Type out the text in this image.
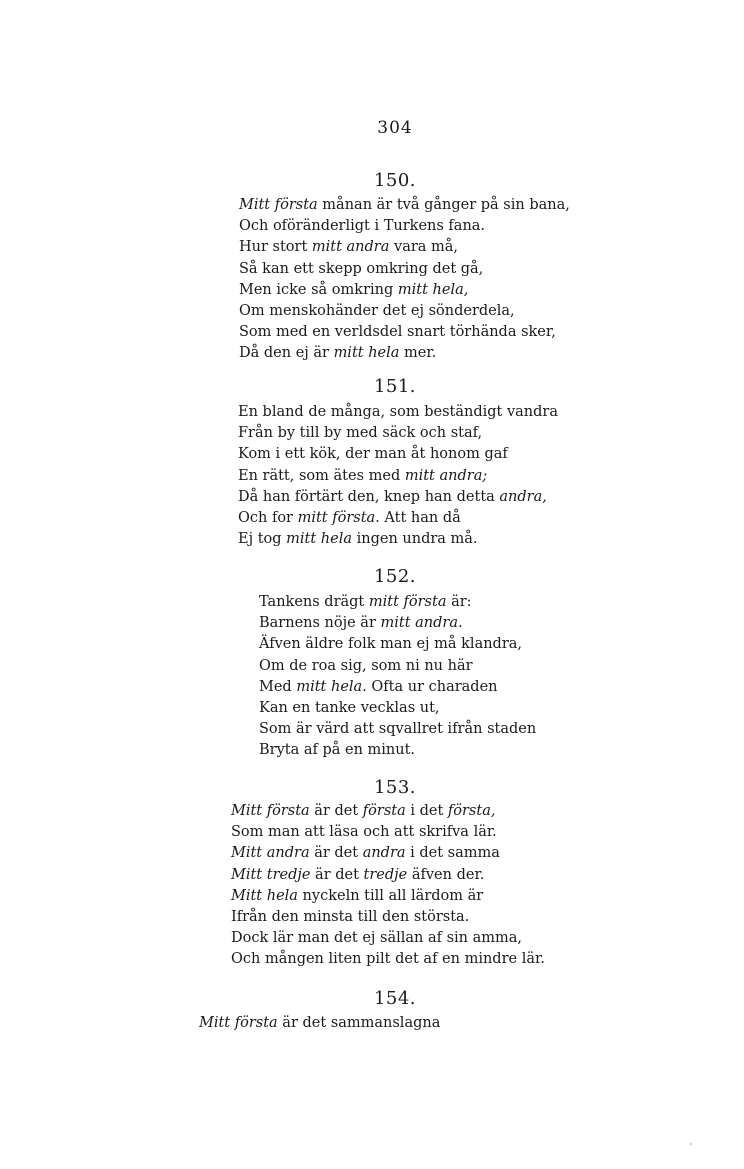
304
150.
Mitt första månan är två gånger på sin bana,
Och oföränderligt i Turkens fana.
Hur stort mitt andra vara må,
Så kan ett skepp omkring det gå,
Men icke så omkring mitt hela,
Om menskohänder det ej sönderdela,
Som med en verldsdel snart törhända sker,
Då den ej är mitt hela mer.
151.
En bland de många, som beständigt vandra
Från by till by med säck och staf,
Kom i ett kök, der man åt honom gaf
En rätt, som ätes med mitt andra;
Då han förtärt den, knep han detta andra,
Och for mitt första. Att han då
Ej tog mitt hela ingen undra må.
152.
Tankens drägt mitt första är:
Barnens nöje är mitt andra.
Äfven äldre folk man ej må klandra,
Om de roa sig, som ni nu här
Med mitt hela. Ofta ur charaden
Kan en tanke vecklas ut,
Som är värd att sqvallret ifrån staden
Bryta af på en minut.
153.
Mitt första är det första i det första,
Som man att läsa och att skrifva lär.
Mitt andra är det andra i det samma
Mitt tredje är det tredje äfven der.
Mitt hela nyckeln till all lärdom är
Ifrån den minsta till den största.
Dock lär man det ej sällan af sin amma,
Och mången liten pilt det af en mindre lär.
154.
Mitt första är det sammanslagna
